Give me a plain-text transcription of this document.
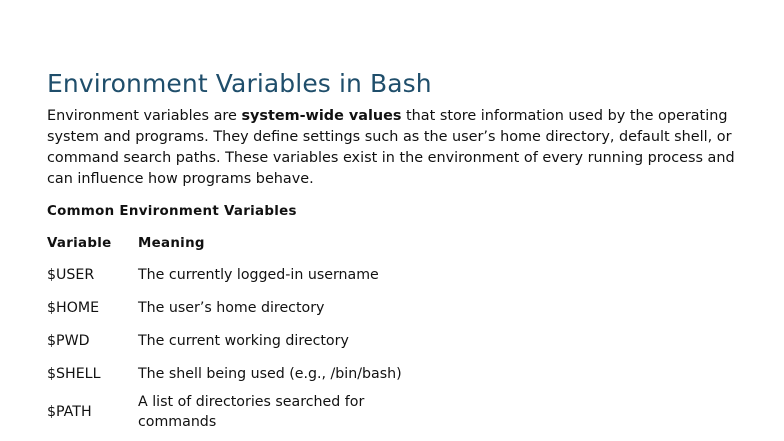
Environment Variables in Bash

Environment variables are system-wide values that store information used by the operating system and programs. They define settings such as the user’s home directory, default shell, or command search paths. These variables exist in the environment of every running process and can influence how programs behave.

Common Environment Variables
Variable	Meaning
$USER	The currently logged-in username
$HOME	The user’s home directory
$PWD	The current working directory
$SHELL	The shell being used (e.g., /bin/bash)
$PATH	A list of directories searched for commands
